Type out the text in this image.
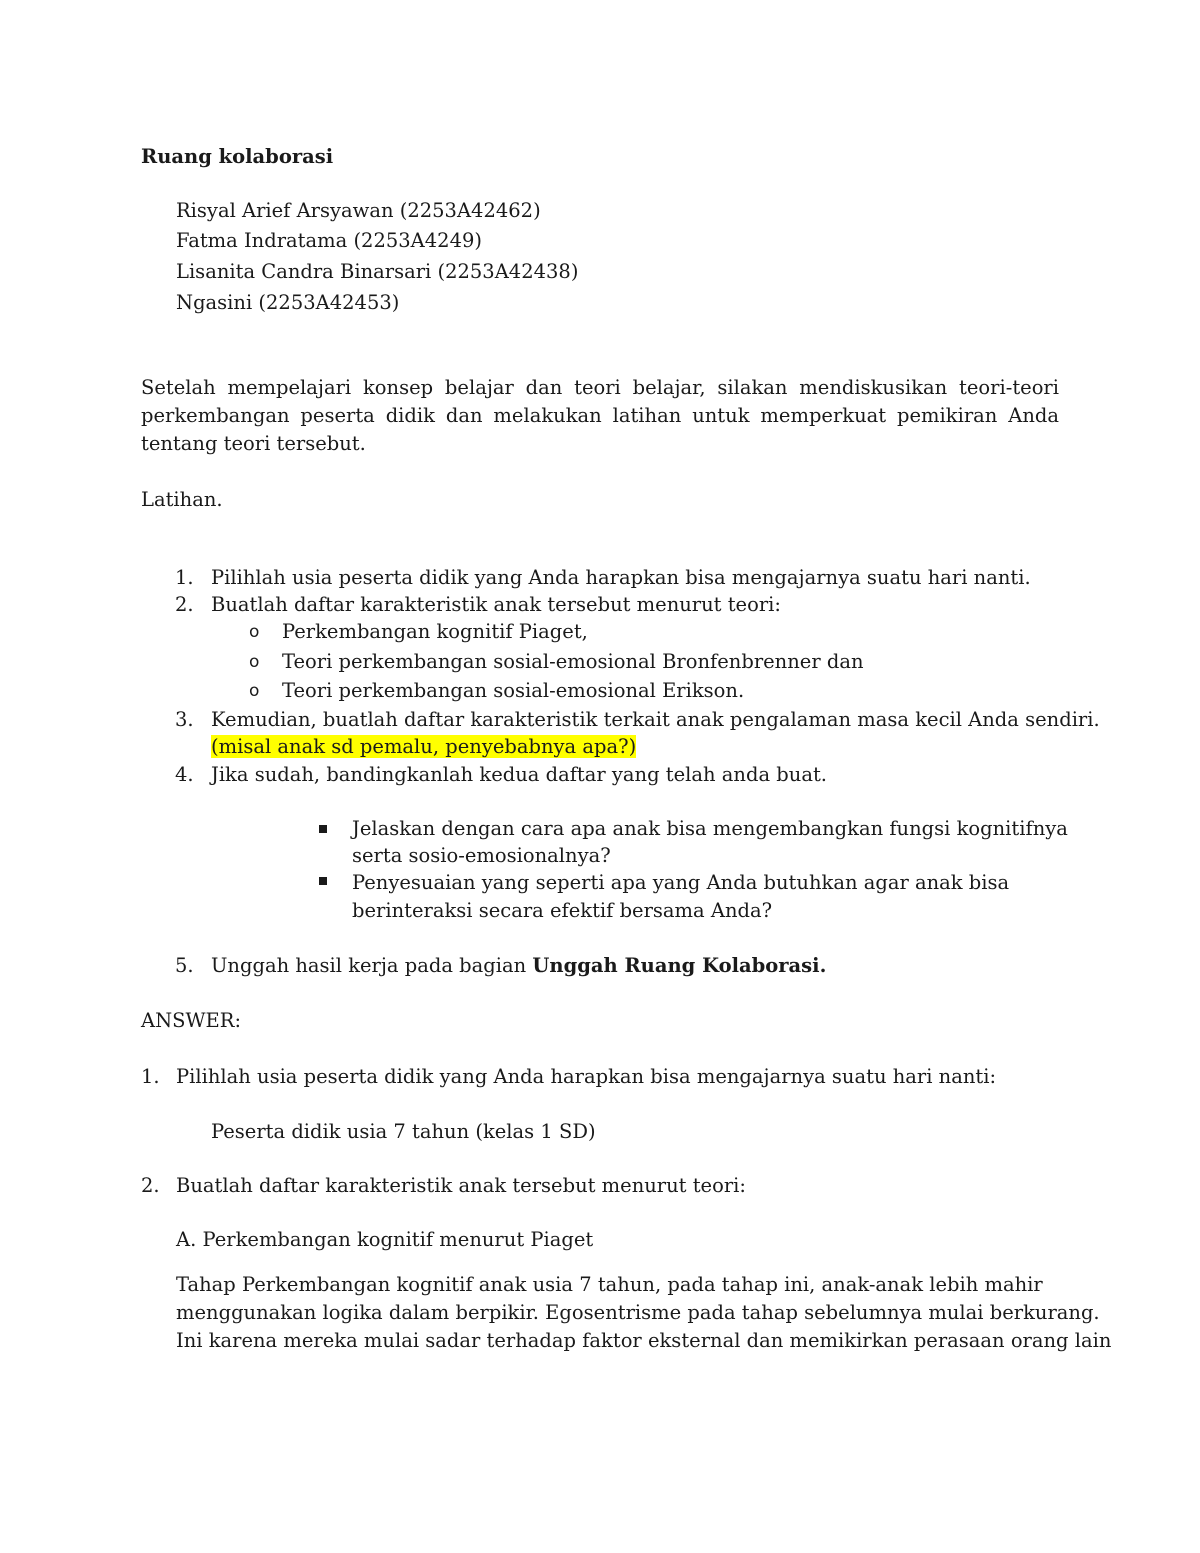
Ruang kolaborasi
Risyal Arief Arsyawan (2253A42462)
Fatma Indratama (2253A4249)
Lisanita Candra Binarsari (2253A42438)
Ngasini (2253A42453)
Setelah mempelajari konsep belajar dan teori belajar, silakan mendiskusikan teori-teori perkembangan peserta didik dan melakukan latihan untuk memperkuat pemikiran Anda tentang teori tersebut.
Latihan.
1. Pilihlah usia peserta didik yang Anda harapkan bisa mengajarnya suatu hari nanti.
2. Buatlah daftar karakteristik anak tersebut menurut teori:
o Perkembangan kognitif Piaget,
o Teori perkembangan sosial-emosional Bronfenbrenner dan
o Teori perkembangan sosial-emosional Erikson.
3. Kemudian, buatlah daftar karakteristik terkait anak pengalaman masa kecil Anda sendiri.
(misal anak sd pemalu, penyebabnya apa?)
4. Jika sudah, bandingkanlah kedua daftar yang telah anda buat.
Jelaskan dengan cara apa anak bisa mengembangkan fungsi kognitifnya
serta sosio-emosionalnya?
Penyesuaian yang seperti apa yang Anda butuhkan agar anak bisa
berinteraksi secara efektif bersama Anda?
5. Unggah hasil kerja pada bagian Unggah Ruang Kolaborasi.
ANSWER:
1. Pilihlah usia peserta didik yang Anda harapkan bisa mengajarnya suatu hari nanti:
Peserta didik usia 7 tahun (kelas 1 SD)
2. Buatlah daftar karakteristik anak tersebut menurut teori:
A. Perkembangan kognitif menurut Piaget
Tahap Perkembangan kognitif anak usia 7 tahun, pada tahap ini, anak-anak lebih mahir
menggunakan logika dalam berpikir. Egosentrisme pada tahap sebelumnya mulai berkurang.
Ini karena mereka mulai sadar terhadap faktor eksternal dan memikirkan perasaan orang lain
